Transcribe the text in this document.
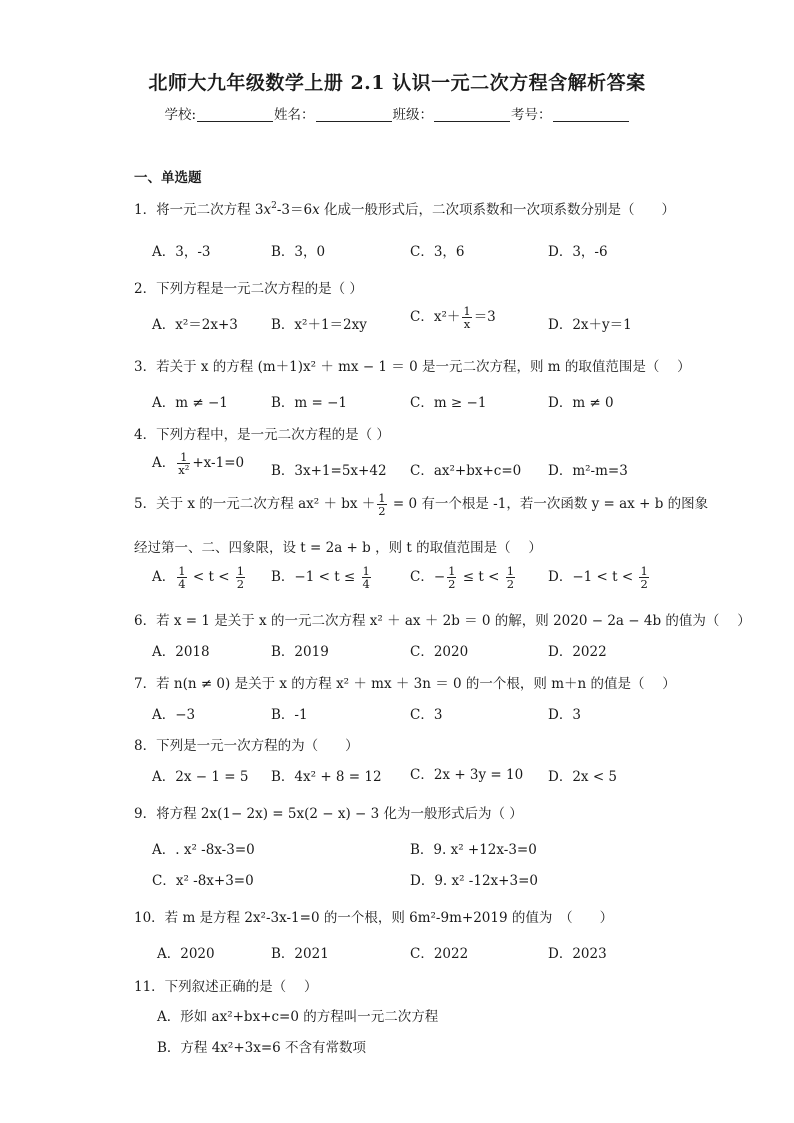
北师大九年级数学上册 2.1 认识一元二次方程含解析答案
学校:	姓名：	班级：	考号：
一、单选题
1．将一元二次方程 $3x^2-3=6x$ 化成一般形式后，二次项系数和一次项系数分别是（　　）
A．3，-3	B．3，0	C．3，6	D．3，-6
2．下列方程是一元二次方程的是（ ）
A．x²＝2x+3 B．x²＋1＝2xy	C．$x^2+ \frac{1}{x} =3$	D．2x＋y＝1
3．若关于 x 的方程 (m＋1)x² ＋ mx − 1 ＝ 0 是一元二次方程，则 m 的取值范围是（　 ）
A．m ≠ −1	B．m = −1	C．m ≥ −1	D．m ≠ 0
4．下列方程中，是一元二次方程的是（ ）
A． $\frac{1}{\text{x²}} +x-1=0$ B．3x+1=5x+42 C．ax²+bx+c=0 D．m²-m=3
5．关于 x 的一元二次方程 ax² ＋ bx ＋ $\frac{1}{2} = 0$ 有一个根是 -1，若一次函数 y = ax + b 的图象
经过第一、二、四象限，设 t = 2a + b ，则 t 的取值范围是（　 ）
A． $\frac{1}{4} < t < \frac{1}{2}$ B．$-1 < t \le \frac{1}{4}$	C．− $\frac{1}{2} \le t < \frac{1}{2}$ D．$-1 < t < \frac{1}{2}$
6．若 x = 1 是关于 x 的一元二次方程 x² ＋ ax ＋ 2b ＝ 0 的解，则 2020 − 2a − 4b 的值为（　 ）
A．2018	B．2019	C．2020	D．2022
7．若 n(n ≠ 0) 是关于 x 的方程 x² ＋ mx ＋ 3n ＝ 0 的一个根，则 m＋n 的值是（　 ）
A．−3	B．-1	C．3	D．3
8．下列是一元一次方程的为（　　）
A．2x − 1 = 5 B．4x² + 8 = 12 C．2x + 3y = 10 D．2x < 5
9．将方程 2x(1− 2x) = 5x(2 − x) − 3 化为一般形式后为（ ）
A．. x² -8x-3=0	B．9. x² +12x-3=0
C．x² -8x+3=0	D．9. x² -12x+3=0
10．若 m 是方程 2x²-3x-1=0 的一个根，则 6m²-9m+2019 的值为　（　　）
A．2020	B．2021	C．2022	D．2023
11．下列叙述正确的是（　 ）
A．形如 ax²+bx+c=0 的方程叫一元二次方程
B．方程 4x²+3x=6 不含有常数项
